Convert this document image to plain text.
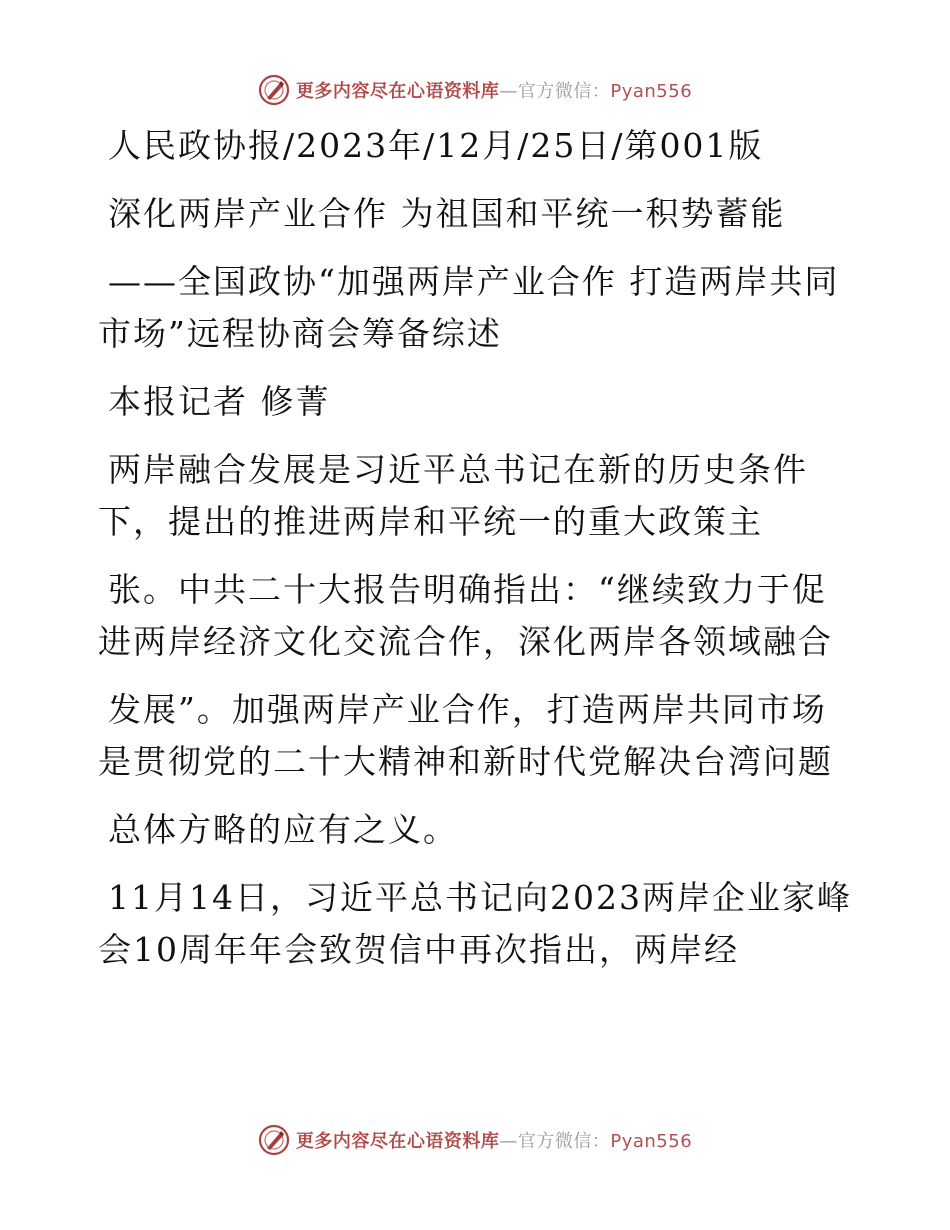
更多内容尽在心语资料库—官方微信：Pyan556
人民政协报/2023年/12月/25日/第001版
深化两岸产业合作 为祖国和平统一积势蓄能
——全国政协“加强两岸产业合作 打造两岸共同
市场”远程协商会筹备综述
本报记者 修菁
两岸融合发展是习近平总书记在新的历史条件
下，提出的推进两岸和平统一的重大政策主
张。中共二十大报告明确指出：“继续致力于促
进两岸经济文化交流合作，深化两岸各领域融合
发展”。加强两岸产业合作，打造两岸共同市场
是贯彻党的二十大精神和新时代党解决台湾问题
总体方略的应有之义。
11月14日，习近平总书记向2023两岸企业家峰
会10周年年会致贺信中再次指出，两岸经
更多内容尽在心语资料库—官方微信：Pyan556
